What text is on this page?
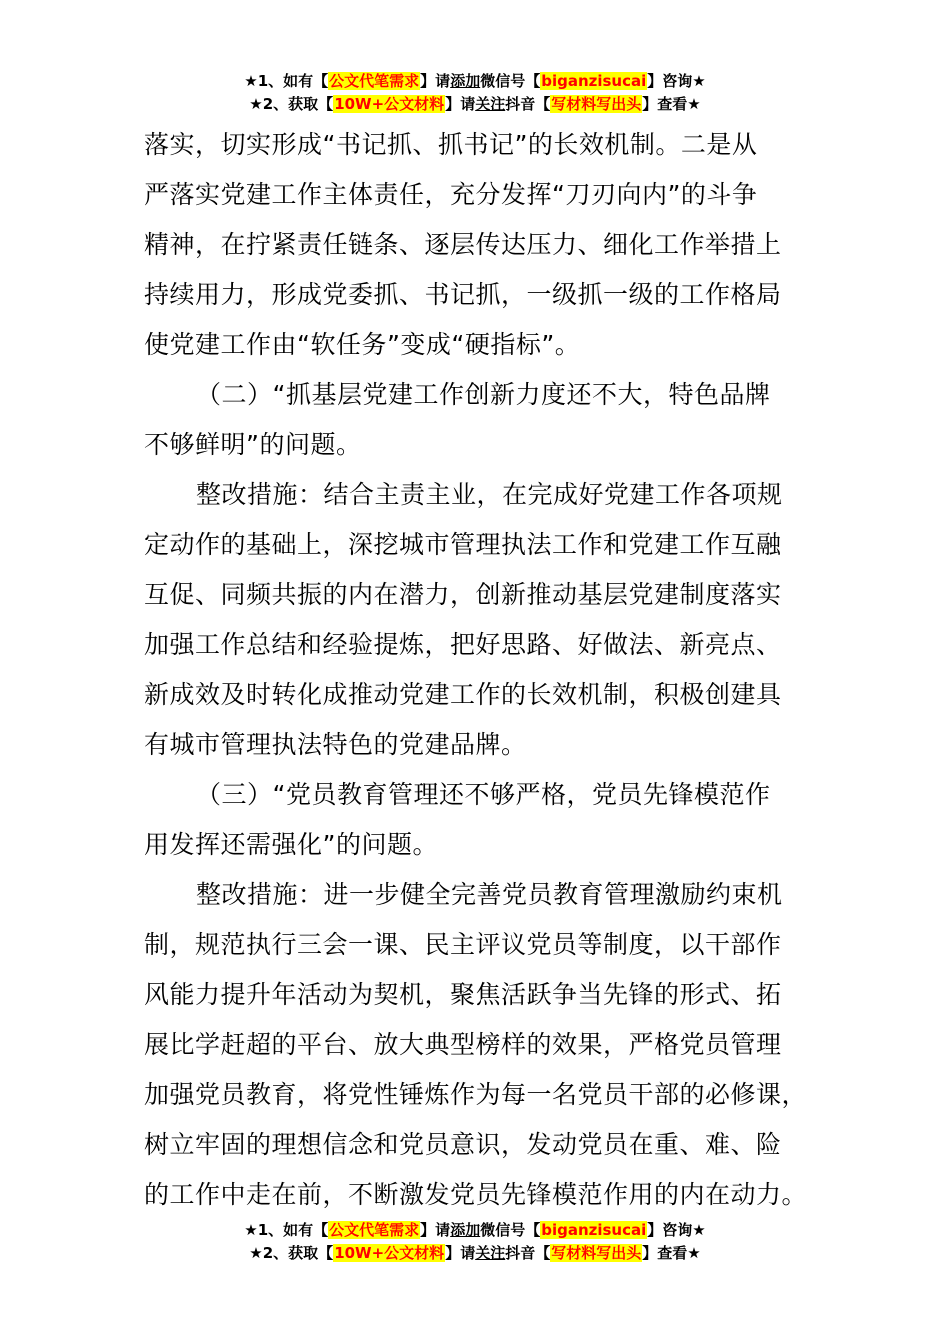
★1、如有【公文代笔需求】请添加微信号【biganzisucai】咨询★
★2、获取【10W+公文材料】请关注抖音【写材料写出头】查看★
落实，切实形成“书记抓、抓书记”的长效机制。二是从
严落实党建工作主体责任，充分发挥“刀刃向内”的斗争
精神，在拧紧责任链条、逐层传达压力、细化工作举措上
持续用力，形成党委抓、书记抓，一级抓一级的工作格局
使党建工作由“软任务”变成“硬指标”。
（二）“抓基层党建工作创新力度还不大，特色品牌
不够鲜明”的问题。
整改措施：结合主责主业，在完成好党建工作各项规
定动作的基础上，深挖城市管理执法工作和党建工作互融
互促、同频共振的内在潜力，创新推动基层党建制度落实
加强工作总结和经验提炼，把好思路、好做法、新亮点、
新成效及时转化成推动党建工作的长效机制，积极创建具
有城市管理执法特色的党建品牌。
（三）“党员教育管理还不够严格，党员先锋模范作
用发挥还需强化”的问题。
整改措施：进一步健全完善党员教育管理激励约束机
制，规范执行三会一课、民主评议党员等制度，以干部作
风能力提升年活动为契机，聚焦活跃争当先锋的形式、拓
展比学赶超的平台、放大典型榜样的效果，严格党员管理
加强党员教育，将党性锤炼作为每一名党员干部的必修课，
树立牢固的理想信念和党员意识，发动党员在重、难、险
的工作中走在前，不断激发党员先锋模范作用的内在动力。
★1、如有【公文代笔需求】请添加微信号【biganzisucai】咨询★
★2、获取【10W+公文材料】请关注抖音【写材料写出头】查看★
